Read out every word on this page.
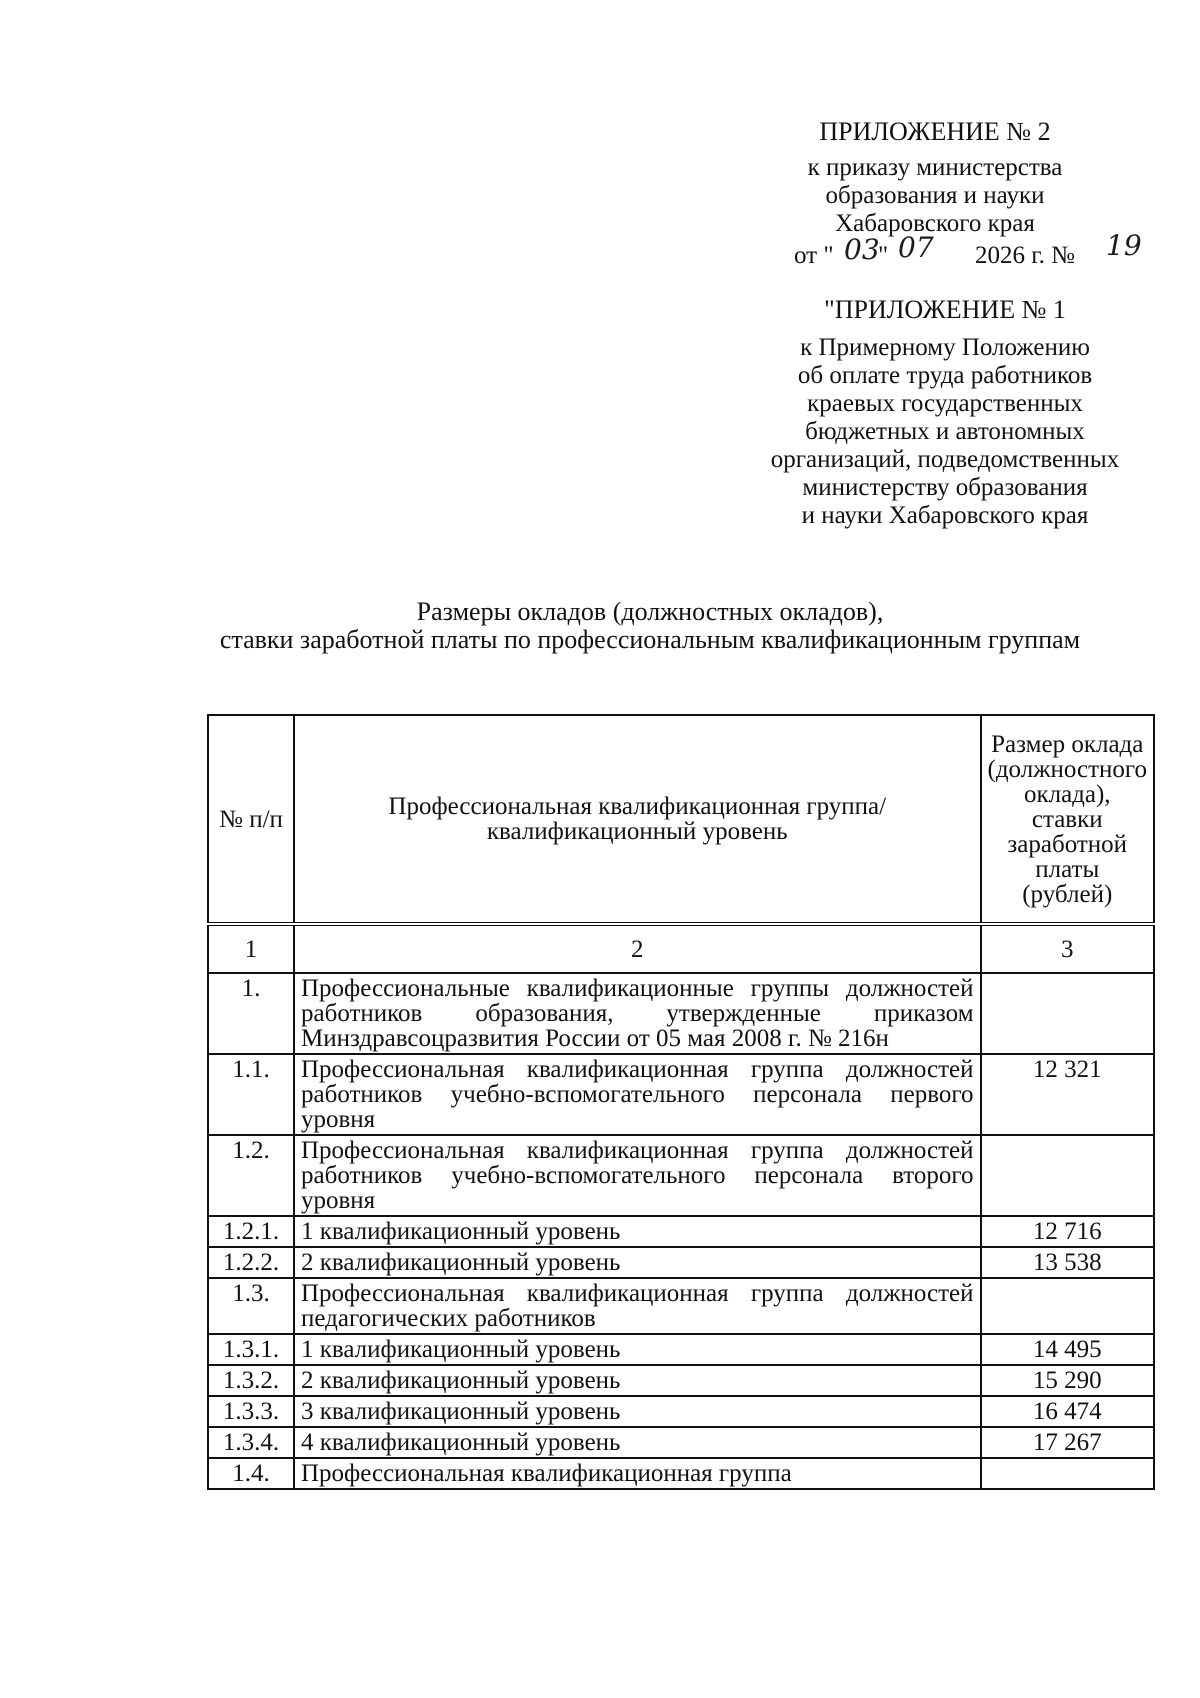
ПРИЛОЖЕНИЕ № 2
к приказу министерства
образования и науки
Хабаровского края
от " 03
" 07 2026 г. № 19
"ПРИЛОЖЕНИЕ № 1
к Примерному Положению
об оплате труда работников
краевых государственных
бюджетных и автономных
организаций, подведомственных
министерству образования
и науки Хабаровского края
Размеры окладов (должностных окладов),
ставки заработной платы по профессиональным квалификационным группам
№ п/п	Профессиональная квалификационная группа/квалификационный уровень	Размер оклада (должностного оклада), ставки заработной платы (рублей)
1	2	3
1.	Профессиональные квалификационные группы должностей работников образования, утвержденные приказом Минздравсоцразвития России от 05 мая 2008 г. № 216н	
1.1.	Профессиональная квалификационная группа должностей работников учебно-вспомогательного персонала первого уровня	12 321
1.2.	Профессиональная квалификационная группа должностей работников учебно-вспомогательного персонала второго уровня	
1.2.1.	1 квалификационный уровень	12 716
1.2.2.	2 квалификационный уровень	13 538
1.3.	Профессиональная квалификационная группа должностей педагогических работников	
1.3.1.	1 квалификационный уровень	14 495
1.3.2.	2 квалификационный уровень	15 290
1.3.3.	3 квалификационный уровень	16 474
1.3.4.	4 квалификационный уровень	17 267
1.4.	Профессиональная квалификационная группа	
